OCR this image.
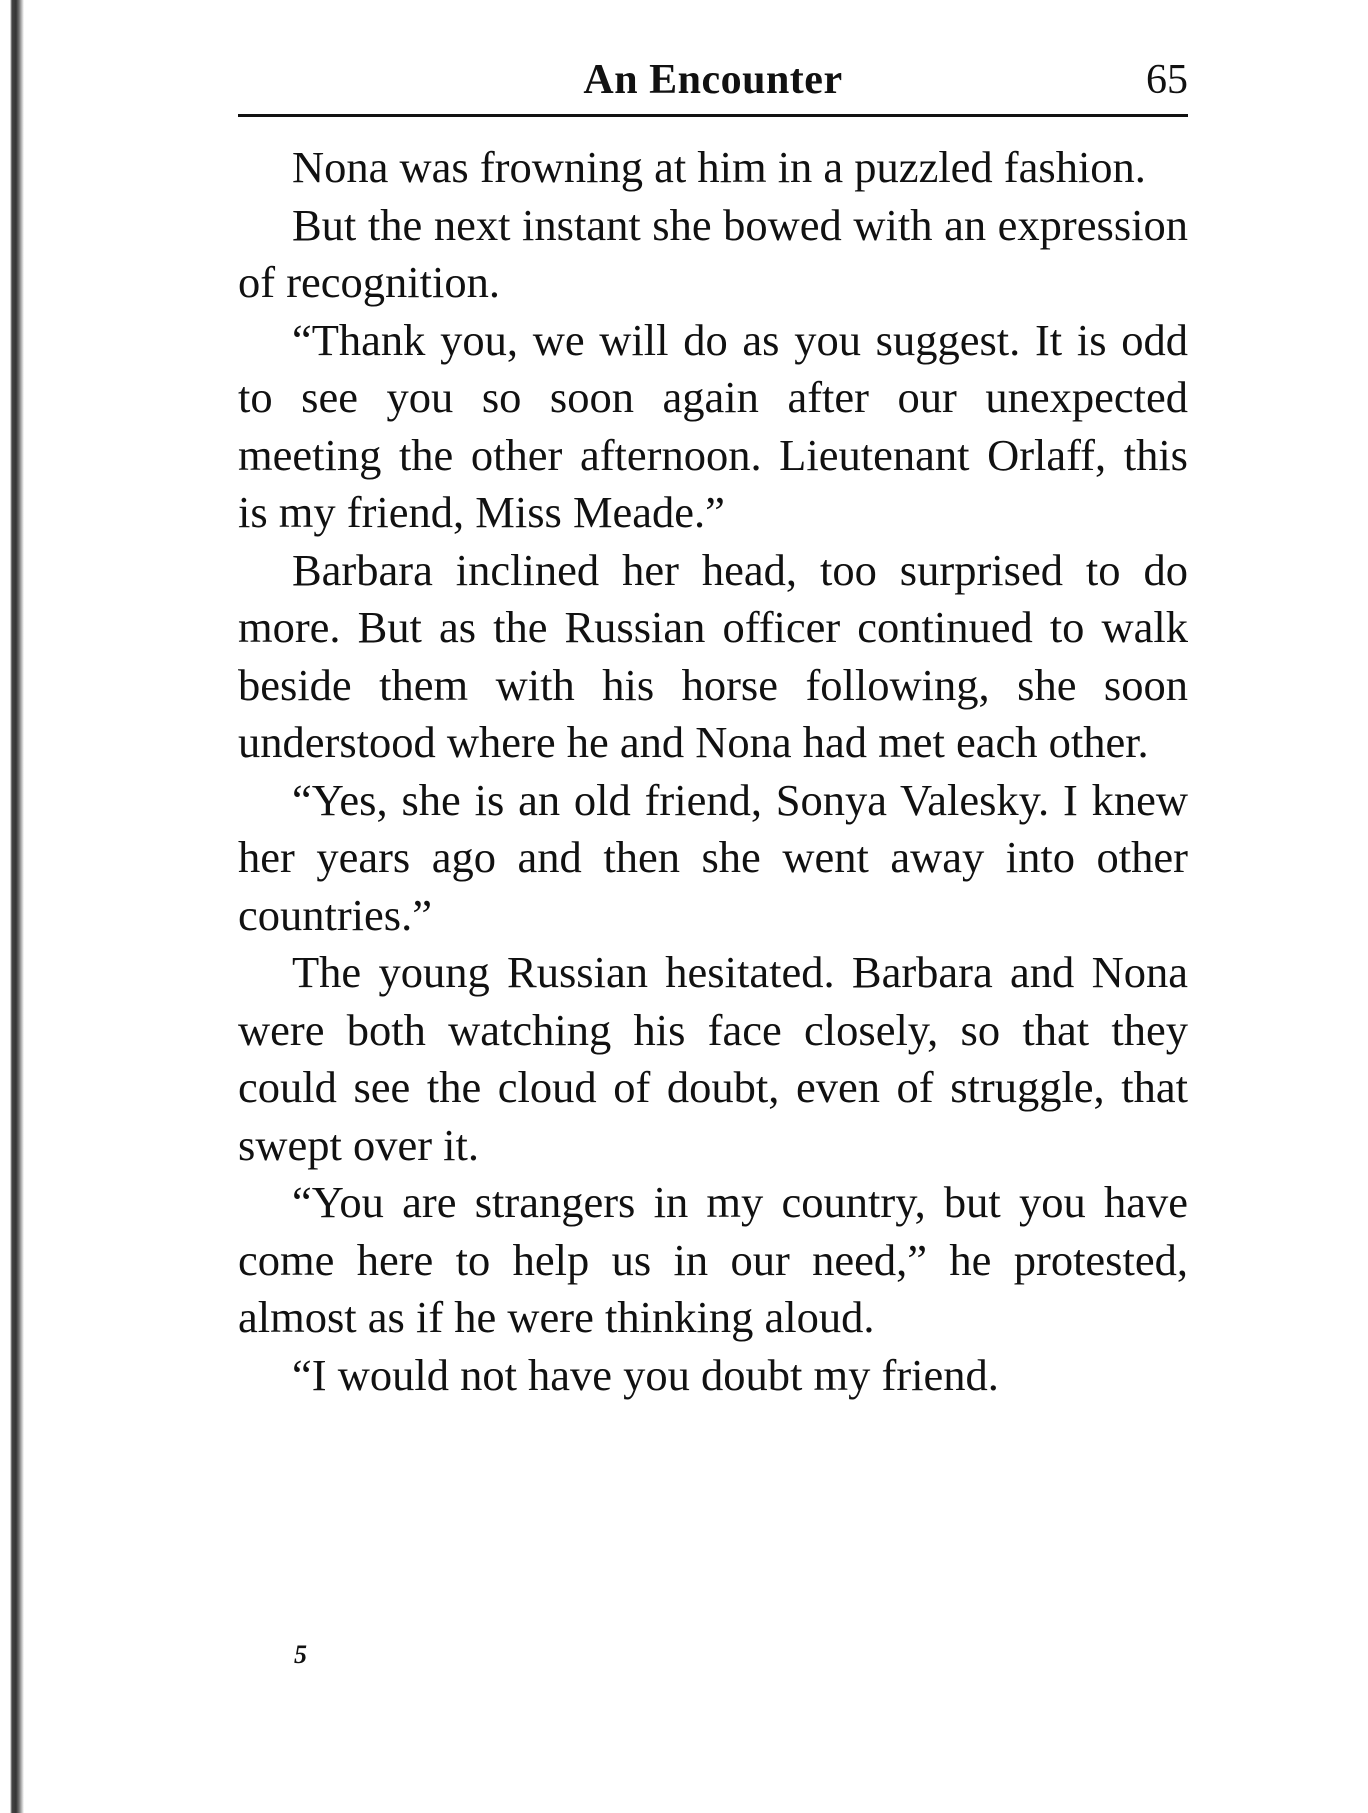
An Encounter	65

Nona was frowning at him in a puzzled fashion.

But the next instant she bowed with an expression of recognition.

“Thank you, we will do as you suggest. It is odd to see you so soon again after our unexpected meeting the other afternoon. Lieutenant Orlaff, this is my friend, Miss Meade.”

Barbara inclined her head, too surprised to do more. But as the Russian officer continued to walk beside them with his horse following, she soon understood where he and Nona had met each other.

“Yes, she is an old friend, Sonya Valesky. I knew her years ago and then she went away into other countries.”

The young Russian hesitated. Barbara and Nona were both watching his face closely, so that they could see the cloud of doubt, even of struggle, that swept over it.

“You are strangers in my country, but you have come here to help us in our need,” he protested, almost as if he were thinking aloud.

“I would not have you doubt my friend.

5
